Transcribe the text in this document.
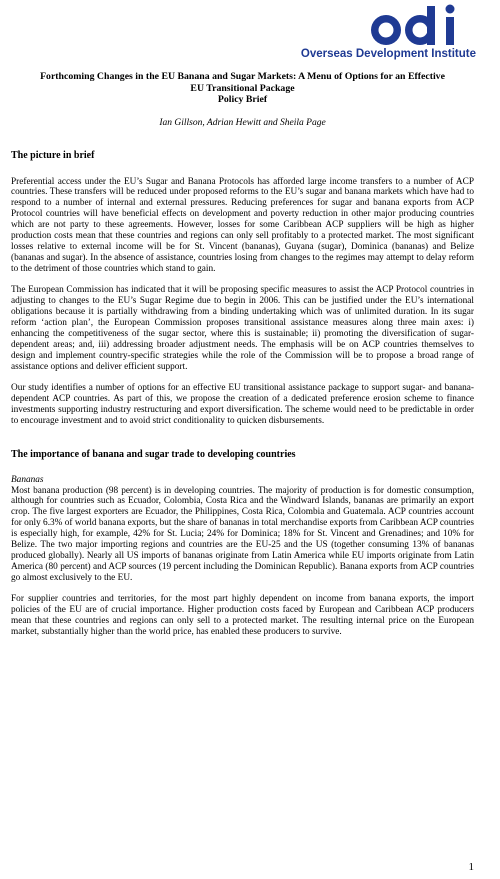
Overseas Development Institute

Forthcoming Changes in the EU Banana and Sugar Markets: A Menu of Options for an Effective
EU Transitional Package
Policy Brief

Ian Gillson, Adrian Hewitt and Sheila Page

The picture in brief

Preferential access under the EU’s Sugar and Banana Protocols has afforded large income transfers to a number of ACP countries. These transfers will be reduced under proposed reforms to the EU’s sugar and banana markets which have had to respond to a number of internal and external pressures. Reducing preferences for sugar and banana exports from ACP Protocol countries will have beneficial effects on development and poverty reduction in other major producing countries which are not party to these agreements. However, losses for some Caribbean ACP suppliers will be high as higher production costs mean that these countries and regions can only sell profitably to a protected market. The most significant losses relative to external income will be for St. Vincent (bananas), Guyana (sugar), Dominica (bananas) and Belize (bananas and sugar). In the absence of assistance, countries losing from changes to the regimes may attempt to delay reform to the detriment of those countries which stand to gain.

The European Commission has indicated that it will be proposing specific measures to assist the ACP Protocol countries in adjusting to changes to the EU’s Sugar Regime due to begin in 2006. This can be justified under the EU’s international obligations because it is partially withdrawing from a binding undertaking which was of unlimited duration. In its sugar reform ‘action plan’, the European Commission proposes transitional assistance measures along three main axes: i) enhancing the competitiveness of the sugar sector, where this is sustainable; ii) promoting the diversification of sugar-dependent areas; and, iii) addressing broader adjustment needs. The emphasis will be on ACP countries themselves to design and implement country-specific strategies while the role of the Commission will be to propose a broad range of assistance options and deliver efficient support.

Our study identifies a number of options for an effective EU transitional assistance package to support sugar- and banana- dependent ACP countries. As part of this, we propose the creation of a dedicated preference erosion scheme to finance investments supporting industry restructuring and export diversification. The scheme would need to be predictable in order to encourage investment and to avoid strict conditionality to quicken disbursements.

The importance of banana and sugar trade to developing countries
Bananas

Most banana production (98 percent) is in developing countries. The majority of production is for domestic consumption, although for countries such as Ecuador, Colombia, Costa Rica and the Windward Islands, bananas are primarily an export crop. The five largest exporters are Ecuador, the Philippines, Costa Rica, Colombia and Guatemala. ACP countries account for only 6.3% of world banana exports, but the share of bananas in total merchandise exports from Caribbean ACP countries is especially high, for example, 42% for St. Lucia; 24% for Dominica; 18% for St. Vincent and Grenadines; and 10% for Belize. The two major importing regions and countries are the EU-25 and the US (together consuming 13% of bananas produced globally). Nearly all US imports of bananas originate from Latin America while EU imports originate from Latin America (80 percent) and ACP sources (19 percent including the Dominican Republic). Banana exports from ACP countries go almost exclusively to the EU.

For supplier countries and territories, for the most part highly dependent on income from banana exports, the import policies of the EU are of crucial importance. Higher production costs faced by European and Caribbean ACP producers mean that these countries and regions can only sell to a protected market. The resulting internal price on the European market, substantially higher than the world price, has enabled these producers to survive.

1
